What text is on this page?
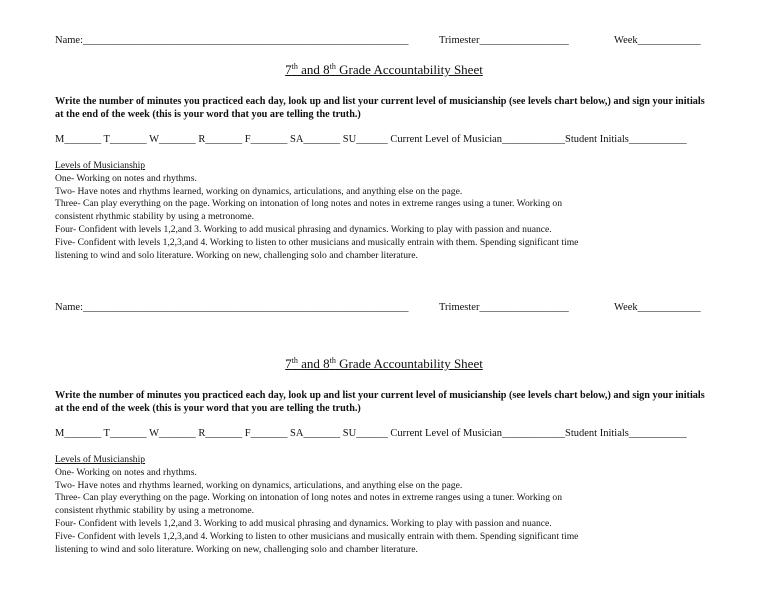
Name:______________________________________________________________	Trimester_________________	Week____________
7th and 8th Grade Accountability Sheet
Write the number of minutes you practiced each day, look up and list your current level of musicianship (see levels chart below,) and sign your initials at the end of the week (this is your word that you are telling the truth.)
M_______ T_______ W_______ R_______ F_______ SA_______ SU______ Current Level of Musician____________Student Initials___________
Levels of Musicianship
One- Working on notes and rhythms.
Two- Have notes and rhythms learned, working on dynamics, articulations, and anything else on the page.
Three- Can play everything on the page. Working on intonation of long notes and notes in extreme ranges using a tuner. Working on
consistent rhythmic stability by using a metronome.
Four- Confident with levels 1,2,and 3. Working to add musical phrasing and dynamics. Working to play with passion and nuance.
Five- Confident with levels 1,2,3,and 4. Working to listen to other musicians and musically entrain with them. Spending significant time
listening to wind and solo literature. Working on new, challenging solo and chamber literature.
Name:______________________________________________________________	Trimester_________________	Week____________
7th and 8th Grade Accountability Sheet
Write the number of minutes you practiced each day, look up and list your current level of musicianship (see levels chart below,) and sign your initials at the end of the week (this is your word that you are telling the truth.)
M_______ T_______ W_______ R_______ F_______ SA_______ SU______ Current Level of Musician____________Student Initials___________
Levels of Musicianship
One- Working on notes and rhythms.
Two- Have notes and rhythms learned, working on dynamics, articulations, and anything else on the page.
Three- Can play everything on the page. Working on intonation of long notes and notes in extreme ranges using a tuner. Working on
consistent rhythmic stability by using a metronome.
Four- Confident with levels 1,2,and 3. Working to add musical phrasing and dynamics. Working to play with passion and nuance.
Five- Confident with levels 1,2,3,and 4. Working to listen to other musicians and musically entrain with them. Spending significant time
listening to wind and solo literature. Working on new, challenging solo and chamber literature.
